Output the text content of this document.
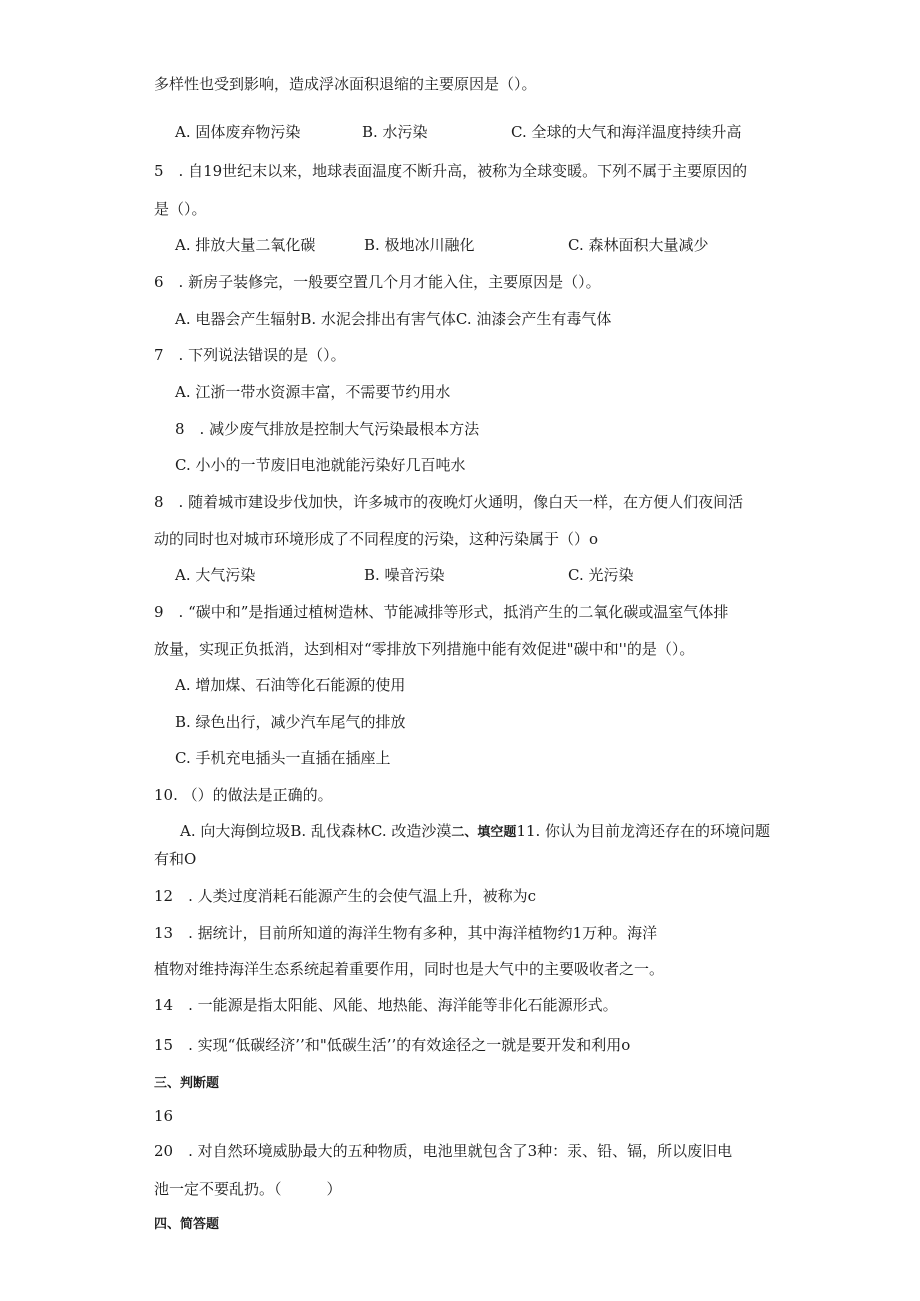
多样性也受到影响，造成浮冰面积退缩的主要原因是（）。
A. 固体废弃物污染	B. 水污染	C. 全球的大气和海洋温度持续升高
5　. 自19世纪末以来，地球表面温度不断升高，被称为全球变暖。下列不属于主要原因的
是（）。
A. 排放大量二氧化碳	B. 极地冰川融化	C. 森林面积大量减少
6　. 新房子装修完，一般要空置几个月才能入住，主要原因是（）。
A. 电器会产生辐射B. 水泥会排出有害气体C. 油漆会产生有毒气体
7　. 下列说法错误的是（）。
A. 江浙一带水资源丰富，不需要节约用水
8　. 减少废气排放是控制大气污染最根本方法
C. 小小的一节废旧电池就能污染好几百吨水
8　. 随着城市建设步伐加快，许多城市的夜晚灯火通明，像白天一样，在方便人们夜间活
动的同时也对城市环境形成了不同程度的污染，这种污染属于（）o
A. 大气污染	B. 噪音污染	C. 光污染
9　. “碳中和”是指通过植树造林、节能减排等形式，抵消产生的二氧化碳或温室气体排
放量，实现正负抵消，达到相对“零排放下列措施中能有效促进"碳中和''的是（）。
A. 增加煤、石油等化石能源的使用
B. 绿色出行，减少汽车尾气的排放
C. 手机充电插头一直插在插座上
10. （）的做法是正确的。
A. 向大海倒垃圾B. 乱伐森林C. 改造沙漠二、填空题11. 你认为目前龙湾还存在的环境问题
有和O
12　. 人类过度消耗石能源产生的会使气温上升，被称为c
13　. 据统计，目前所知道的海洋生物有多种，其中海洋植物约1万种。海洋
植物对维持海洋生态系统起着重要作用，同时也是大气中的主要吸收者之一。
14　. 一能源是指太阳能、风能、地热能、海洋能等非化石能源形式。
15　. 实现“低碳经济’’和"低碳生活’’的有效途径之一就是要开发和利用o
三、判断题
16
20　. 对自然环境威胁最大的五种物质，电池里就包含了3种：汞、铅、镉，所以废旧电
池一定不要乱扔。（　　　）
四、简答题
